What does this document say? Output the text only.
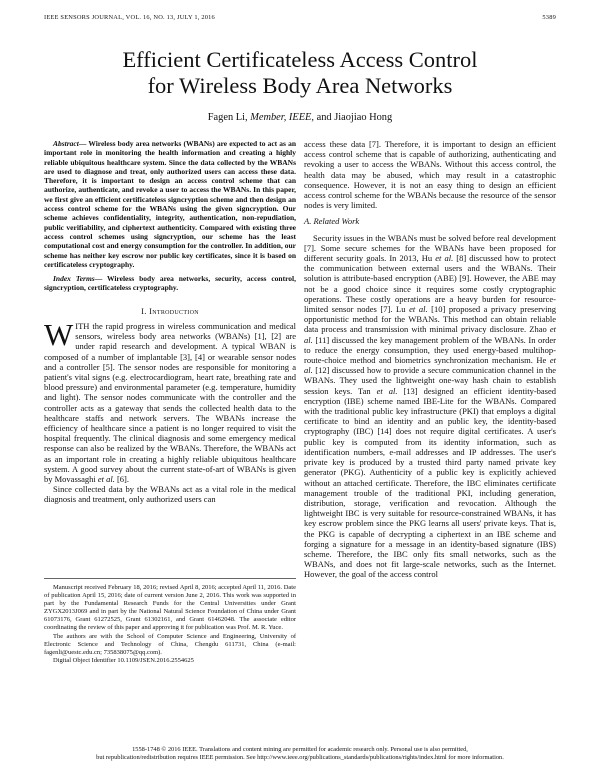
IEEE SENSORS JOURNAL, VOL. 16, NO. 13, JULY 1, 2016	5389
Efficient Certificateless Access Control
for Wireless Body Area Networks
Fagen Li, Member, IEEE, and Jiaojiao Hong

Abstract— Wireless body area networks (WBANs) are expected to act as an important role in monitoring the health information and creating a highly reliable ubiquitous healthcare system. Since the data collected by the WBANs are used to diagnose and treat, only authorized users can access these data. Therefore, it is important to design an access control scheme that can authorize, authenticate, and revoke a user to access the WBANs. In this paper, we first give an efficient certificateless signcryption scheme and then design an access control scheme for the WBANs using the given signcryption. Our scheme achieves confidentiality, integrity, authentication, non-repudiation, public verifiability, and ciphertext authenticity. Compared with existing three access control schemes using signcryption, our scheme has the least computational cost and energy consumption for the controller. In addition, our scheme has neither key escrow nor public key certificates, since it is based on certificateless cryptography.

Index Terms— Wireless body area networks, security, access control, signcryption, certificateless cryptography.

I. Introduction

WITH the rapid progress in wireless communication and medical sensors, wireless body area networks (WBANs) [1], [2] are under rapid research and development. A typical WBAN is composed of a number of implantable [3], [4] or wearable sensor nodes and a controller [5]. The sensor nodes are responsible for monitoring a patient's vital signs (e.g. electrocardiogram, heart rate, breathing rate and blood pressure) and environmental parameter (e.g. temperature, humidity and light). The sensor nodes communicate with the controller and the controller acts as a gateway that sends the collected health data to the healthcare staffs and network servers. The WBANs increase the efficiency of healthcare since a patient is no longer required to visit the hospital frequently. The clinical diagnosis and some emergency medical response can also be realized by the WBANs. Therefore, the WBANs act as an important role in creating a highly reliable ubiquitous healthcare system. A good survey about the current state-of-art of WBANs is given by Movassaghi et al. [6].

Since collected data by the WBANs act as a vital role in the medical diagnosis and treatment, only authorized users can

Manuscript received February 18, 2016; revised April 8, 2016; accepted April 11, 2016. Date of publication April 15, 2016; date of current version June 2, 2016. This work was supported in part by the Fundamental Research Funds for the Central Universities under Grant ZYGX2013J069 and in part by the National Natural Science Foundation of China under Grant 61073176, Grant 61272525, Grant 61302161, and Grant 61462048. The associate editor coordinating the review of this paper and approving it for publication was Prof. M. R. Yuce.

The authors are with the School of Computer Science and Engineering, University of Electronic Science and Technology of China, Chengdu 611731, China (e-mail: fagenli@uestc.edu.cn; 735838075@qq.com).

Digital Object Identifier 10.1109/JSEN.2016.2554625

access these data [7]. Therefore, it is important to design an efficient access control scheme that is capable of authorizing, authenticating and revoking a user to access the WBANs. Without this access control, the health data may be abused, which may result in a catastrophic consequence. However, it is not an easy thing to design an efficient access control scheme for the WBANs because the resource of the sensor nodes is very limited.

A. Related Work

Security issues in the WBANs must be solved before real development [7]. Some secure schemes for the WBANs have been proposed for different security goals. In 2013, Hu et al. [8] discussed how to protect the communication between external users and the WBANs. Their solution is attribute-based encryption (ABE) [9]. However, the ABE may not be a good choice since it requires some costly cryptographic operations. These costly operations are a heavy burden for resource-limited sensor nodes [7]. Lu et al. [10] proposed a privacy preserving opportunistic method for the WBANs. This method can obtain reliable data process and transmission with minimal privacy disclosure. Zhao et al. [11] discussed the key management problem of the WBANs. In order to reduce the energy consumption, they used energy-based multihop-route-choice method and biometrics synchronization mechanism. He et al. [12] discussed how to provide a secure communication channel in the WBANs. They used the lightweight one-way hash chain to establish session keys. Tan et al. [13] designed an efficient identity-based encryption (IBE) scheme named IBE-Lite for the WBANs. Compared with the traditional public key infrastructure (PKI) that employs a digital certificate to bind an identity and an public key, the identity-based cryptography (IBC) [14] does not require digital certificates. A user's public key is computed from its identity information, such as identification numbers, e-mail addresses and IP addresses. The user's private key is produced by a trusted third party named private key generator (PKG). Authenticity of a public key is explicitly achieved without an attached certificate. Therefore, the IBC eliminates certificate management trouble of the traditional PKI, including generation, distribution, storage, verification and revocation. Although the lightweight IBC is very suitable for resource-constrained WBANs, it has key escrow problem since the PKG learns all users' private keys. That is, the PKG is capable of decrypting a ciphertext in an IBE scheme and forging a signature for a message in an identity-based signature (IBS) scheme. Therefore, the IBC only fits small networks, such as the WBANs, and does not fit large-scale networks, such as the Internet. However, the goal of the access control

1558-1748 © 2016 IEEE. Translations and content mining are permitted for academic research only. Personal use is also permitted,
but republication/redistribution requires IEEE permission. See http://www.ieee.org/publications_standards/publications/rights/index.html for more information.
